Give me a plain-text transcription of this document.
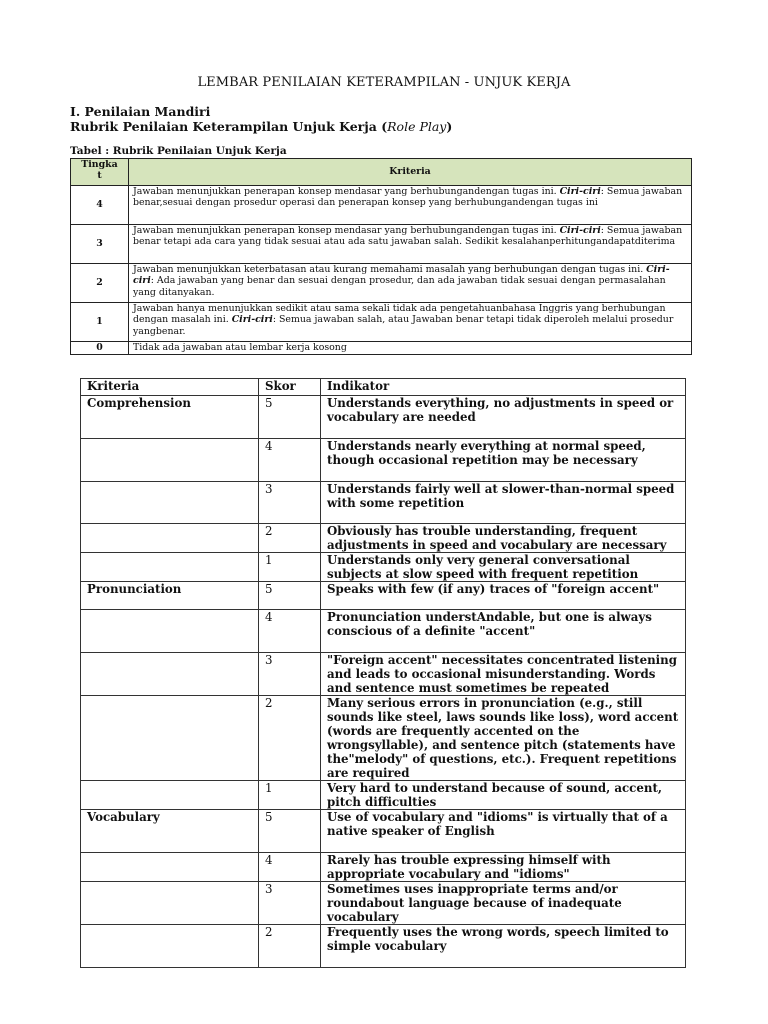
LEMBAR PENILAIAN KETERAMPILAN - UNJUK KERJA
I. Penilaian Mandiri
Rubrik Penilaian Keterampilan Unjuk Kerja (Role Play)
Tabel : Rubrik Penilaian Unjuk Kerja
Tingka
t	Kriteria
4	Jawaban menunjukkan penerapan konsep mendasar yang berhubungandengan tugas ini. Ciri-ciri: Semua jawaban benar,sesuai dengan prosedur operasi dan penerapan konsep yang berhubungandengan tugas ini
3	Jawaban menunjukkan penerapan konsep mendasar yang berhubungandengan tugas ini. Ciri-ciri: Semua jawaban benar tetapi ada cara yang tidak sesuai atau ada satu jawaban salah. Sedikit kesalahanperhitungandapatditerima
2	Jawaban menunjukkan keterbatasan atau kurang memahami masalah yang berhubungan dengan tugas ini. Ciri-ciri: Ada jawaban yang benar dan sesuai dengan prosedur, dan ada jawaban tidak sesuai dengan permasalahan yang ditanyakan.
1	Jawaban hanya menunjukkan sedikit atau sama sekali tidak ada pengetahuanbahasa Inggris yang berhubungan dengan masalah ini. Ciri-ciri: Semua jawaban salah, atau Jawaban benar tetapi tidak diperoleh melalui prosedur yangbenar.
0	Tidak ada jawaban atau lembar kerja kosong
Kriteria	Skor	Indikator
Comprehension	5	Understands everything, no adjustments in speed or vocabulary are needed
	4	Understands nearly everything at normal speed, though occasional repetition may be necessary
	3	Understands fairly well at slower-than-normal speed with some repetition
	2	Obviously has trouble understanding, frequent adjustments in speed and vocabulary are necessary
	1	Understands only very general conversational subjects at slow speed with frequent repetition
Pronunciation	5	Speaks with few (if any) traces of "foreign accent"
	4	Pronunciation understAndable, but one is always conscious of a definite "accent"
	3	"Foreign accent" necessitates concentrated listening and leads to occasional misunderstanding. Words and sentence must sometimes be repeated
	2	Many serious errors in pronunciation (e.g., still sounds like steel, laws sounds like loss), word accent (words are frequently accented on the wrongsyllable), and sentence pitch (statements have the"melody" of questions, etc.). Frequent repetitions are required
	1	Very hard to understand because of sound, accent, pitch difficulties
Vocabulary	5	Use of vocabulary and "idioms" is virtually that of a native speaker of English
	4	Rarely has trouble expressing himself with appropriate vocabulary and "idioms"
	3	Sometimes uses inappropriate terms and/or roundabout language because of inadequate vocabulary
	2	Frequently uses the wrong words, speech limited to simple vocabulary
